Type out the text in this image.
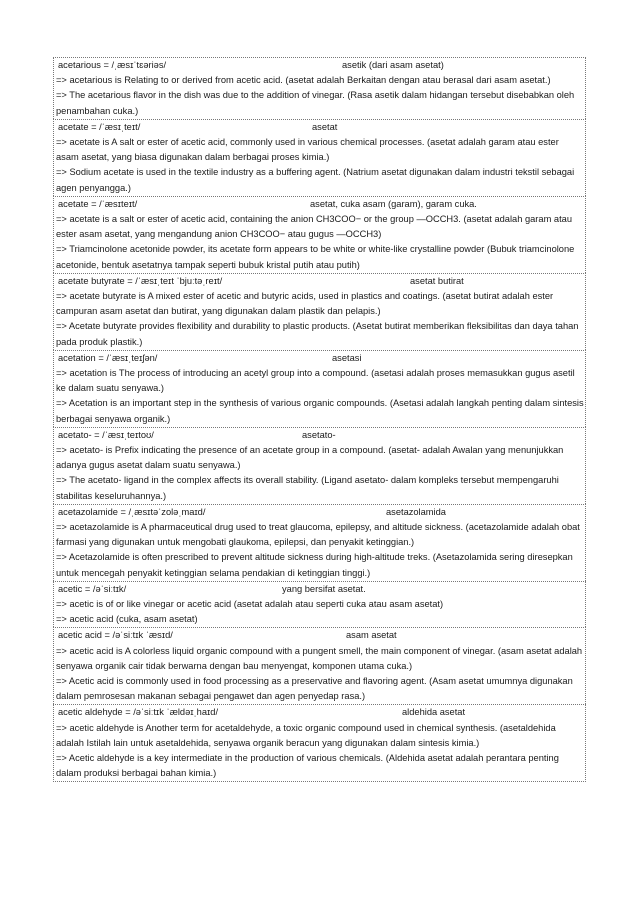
acetarious = /ˌæsɪˈtɛəriəs/	asetik (dari asam asetat)

=> acetarious is Relating to or derived from acetic acid. (asetat adalah Berkaitan dengan atau berasal dari asam asetat.)

=> The acetarious flavor in the dish was due to the addition of vinegar. (Rasa asetik dalam hidangan tersebut disebabkan oleh penambahan cuka.)

acetate = /ˈæsɪˌteɪt/	asetat

=> acetate is A salt or ester of acetic acid, commonly used in various chemical processes. (asetat adalah garam atau ester asam asetat, yang biasa digunakan dalam berbagai proses kimia.)

=> Sodium acetate is used in the textile industry as a buffering agent. (Natrium asetat digunakan dalam industri tekstil sebagai agen penyangga.)

acetate = /ˈæsɪteɪt/	asetat, cuka asam (garam), garam cuka.

=> acetate is a salt or ester of acetic acid, containing the anion CH3COO− or the group —OCCH3. (asetat adalah garam atau ester asam asetat, yang mengandung anion CH3COO− atau gugus —OCCH3)

=> Triamcinolone acetonide powder, its acetate form appears to be white or white-like crystalline powder (Bubuk triamcinolone acetonide, bentuk asetatnya tampak seperti bubuk kristal putih atau putih)

acetate butyrate = /ˈæsɪˌteɪt ˈbjuːtəˌreɪt/	asetat butirat

=> acetate butyrate is A mixed ester of acetic and butyric acids, used in plastics and coatings. (asetat butirat adalah ester campuran asam asetat dan butirat, yang digunakan dalam plastik dan pelapis.)

=> Acetate butyrate provides flexibility and durability to plastic products. (Asetat butirat memberikan fleksibilitas dan daya tahan pada produk plastik.)

acetation = /ˈæsɪˌteɪʃən/	asetasi

=> acetation is The process of introducing an acetyl group into a compound. (asetasi adalah proses memasukkan gugus asetil ke dalam suatu senyawa.)

=> Acetation is an important step in the synthesis of various organic compounds. (Asetasi adalah langkah penting dalam sintesis berbagai senyawa organik.)

acetato- = /ˈæsɪˌteɪtoʊ/	asetato-

=> acetato- is Prefix indicating the presence of an acetate group in a compound. (asetat- adalah Awalan yang menunjukkan adanya gugus asetat dalam suatu senyawa.)

=> The acetato- ligand in the complex affects its overall stability. (Ligand asetato- dalam kompleks tersebut mempengaruhi stabilitas keseluruhannya.)

acetazolamide = /ˌæsɪtəˈzoləˌmaɪd/	asetazolamida

=> acetazolamide is A pharmaceutical drug used to treat glaucoma, epilepsy, and altitude sickness. (acetazolamide adalah obat farmasi yang digunakan untuk mengobati glaukoma, epilepsi, dan penyakit ketinggian.)

=> Acetazolamide is often prescribed to prevent altitude sickness during high-altitude treks. (Asetazolamida sering diresepkan untuk mencegah penyakit ketinggian selama pendakian di ketinggian tinggi.)

acetic = /əˈsiːtɪk/	yang bersifat asetat.

=> acetic is of or like vinegar or acetic acid (asetat adalah atau seperti cuka atau asam asetat)

=> acetic acid (cuka, asam asetat)

acetic acid = /əˈsiːtɪk ˈæsɪd/	asam asetat

=> acetic acid is A colorless liquid organic compound with a pungent smell, the main component of vinegar. (asam asetat adalah senyawa organik cair tidak berwarna dengan bau menyengat, komponen utama cuka.)

=> Acetic acid is commonly used in food processing as a preservative and flavoring agent. (Asam asetat umumnya digunakan dalam pemrosesan makanan sebagai pengawet dan agen penyedap rasa.)

acetic aldehyde = /əˈsiːtɪk ˈældəɪˌhaɪd/	aldehida asetat

=> acetic aldehyde is Another term for acetaldehyde, a toxic organic compound used in chemical synthesis. (asetaldehida adalah Istilah lain untuk asetaldehida, senyawa organik beracun yang digunakan dalam sintesis kimia.)

=> Acetic aldehyde is a key intermediate in the production of various chemicals. (Aldehida asetat adalah perantara penting dalam produksi berbagai bahan kimia.)
